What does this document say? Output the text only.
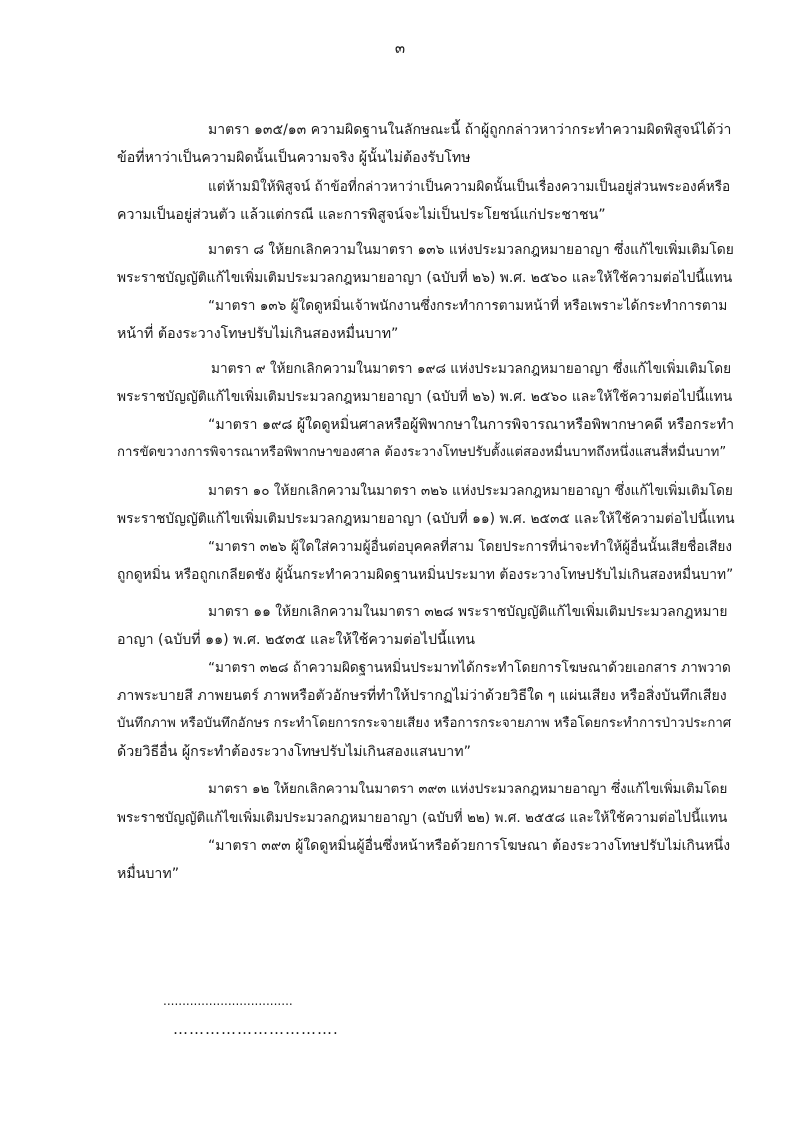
๓
มาตรา ๑๓๕/๑๓ ความผิดฐานในลักษณะนี้ ถ้าผู้ถูกกล่าวหาว่ากระทำความผิดพิสูจน์ได้ว่า
ข้อที่หาว่าเป็นความผิดนั้นเป็นความจริง ผู้นั้นไม่ต้องรับโทษ
แต่ห้ามมิให้พิสูจน์ ถ้าข้อที่กล่าวหาว่าเป็นความผิดนั้นเป็นเรื่องความเป็นอยู่ส่วนพระองค์หรือ
ความเป็นอยู่ส่วนตัว แล้วแต่กรณี และการพิสูจน์จะไม่เป็นประโยชน์แก่ประชาชน”
มาตรา ๘ ให้ยกเลิกความในมาตรา ๑๓๖ แห่งประมวลกฎหมายอาญา ซึ่งแก้ไขเพิ่มเติมโดย
พระราชบัญญัติแก้ไขเพิ่มเติมประมวลกฎหมายอาญา (ฉบับที่ ๒๖) พ.ศ. ๒๕๖๐ และให้ใช้ความต่อไปนี้แทน
“มาตรา ๑๓๖ ผู้ใดดูหมิ่นเจ้าพนักงานซึ่งกระทำการตามหน้าที่ หรือเพราะได้กระทำการตาม
หน้าที่ ต้องระวางโทษปรับไม่เกินสองหมื่นบาท”
มาตรา ๙ ให้ยกเลิกความในมาตรา ๑๙๘ แห่งประมวลกฎหมายอาญา ซึ่งแก้ไขเพิ่มเติมโดย
พระราชบัญญัติแก้ไขเพิ่มเติมประมวลกฎหมายอาญา (ฉบับที่ ๒๖) พ.ศ. ๒๕๖๐ และให้ใช้ความต่อไปนี้แทน
“มาตรา ๑๙๘ ผู้ใดดูหมิ่นศาลหรือผู้พิพากษาในการพิจารณาหรือพิพากษาคดี หรือกระทำ
การขัดขวางการพิจารณาหรือพิพากษาของศาล ต้องระวางโทษปรับตั้งแต่สองหมื่นบาทถึงหนึ่งแสนสี่หมื่นบาท”
มาตรา ๑๐ ให้ยกเลิกความในมาตรา ๓๒๖ แห่งประมวลกฎหมายอาญา ซึ่งแก้ไขเพิ่มเติมโดย
พระราชบัญญัติแก้ไขเพิ่มเติมประมวลกฎหมายอาญา (ฉบับที่ ๑๑) พ.ศ. ๒๕๓๕ และให้ใช้ความต่อไปนี้แทน
“มาตรา ๓๒๖ ผู้ใดใส่ความผู้อื่นต่อบุคคลที่สาม โดยประการที่น่าจะทำให้ผู้อื่นนั้นเสียชื่อเสียง
ถูกดูหมิ่น หรือถูกเกลียดชัง ผู้นั้นกระทำความผิดฐานหมิ่นประมาท ต้องระวางโทษปรับไม่เกินสองหมื่นบาท”
มาตรา ๑๑ ให้ยกเลิกความในมาตรา ๓๒๘ พระราชบัญญัติแก้ไขเพิ่มเติมประมวลกฎหมาย
อาญา (ฉบับที่ ๑๑) พ.ศ. ๒๕๓๕ และให้ใช้ความต่อไปนี้แทน
“มาตรา ๓๒๘ ถ้าความผิดฐานหมิ่นประมาทได้กระทำโดยการโฆษณาด้วยเอกสาร ภาพวาด
ภาพระบายสี ภาพยนตร์ ภาพหรือตัวอักษรที่ทำให้ปรากฏไม่ว่าด้วยวิธีใด ๆ แผ่นเสียง หรือสิ่งบันทึกเสียง
บันทึกภาพ หรือบันทึกอักษร กระทำโดยการกระจายเสียง หรือการกระจายภาพ หรือโดยกระทำการป่าวประกาศ
ด้วยวิธีอื่น ผู้กระทำต้องระวางโทษปรับไม่เกินสองแสนบาท”
มาตรา ๑๒ ให้ยกเลิกความในมาตรา ๓๙๓ แห่งประมวลกฎหมายอาญา ซึ่งแก้ไขเพิ่มเติมโดย
พระราชบัญญัติแก้ไขเพิ่มเติมประมวลกฎหมายอาญา (ฉบับที่ ๒๒) พ.ศ. ๒๕๕๘ และให้ใช้ความต่อไปนี้แทน
“มาตรา ๓๙๓ ผู้ใดดูหมิ่นผู้อื่นซึ่งหน้าหรือด้วยการโฆษณา ต้องระวางโทษปรับไม่เกินหนึ่ง
หมื่นบาท”
..................................
………………………….
